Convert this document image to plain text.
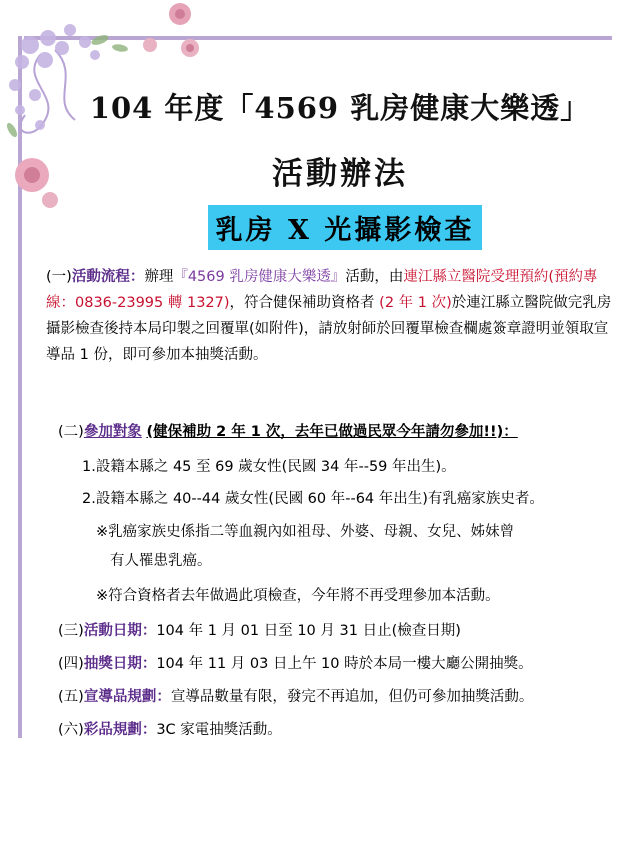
104 年度「4569 乳房健康大樂透」
活動辦法
乳房 X 光攝影檢查

(一)活動流程：辦理『4569 乳房健康大樂透』活動，由連江縣立醫院受理預約(預約專線：0836-23995 轉 1327)，符合健保補助資格者 (2 年 1 次)於連江縣立醫院做完乳房攝影檢查後持本局印製之回覆單(如附件)，請放射師於回覆單檢查欄處簽章證明並領取宣導品 1 份，即可參加本抽獎活動。

(二)參加對象 (健保補助 2 年 1 次，去年已做過民眾今年請勿參加!!)：
1.設籍本縣之 45 至 69 歲女性(民國 34 年--59 年出生)。
2.設籍本縣之 40--44 歲女性(民國 60 年--64 年出生)有乳癌家族史者。
※乳癌家族史係指二等血親內如祖母、外婆、母親、女兒、姊妹曾
有人罹患乳癌。
※符合資格者去年做過此項檢查，今年將不再受理參加本活動。
(三)活動日期：104 年 1 月 01 日至 10 月 31 日止(檢查日期)
(四)抽獎日期：104 年 11 月 03 日上午 10 時於本局一樓大廳公開抽獎。
(五)宣導品規劃：宣導品數量有限，發完不再追加，但仍可參加抽獎活動。
(六)彩品規劃：3C 家電抽獎活動。
